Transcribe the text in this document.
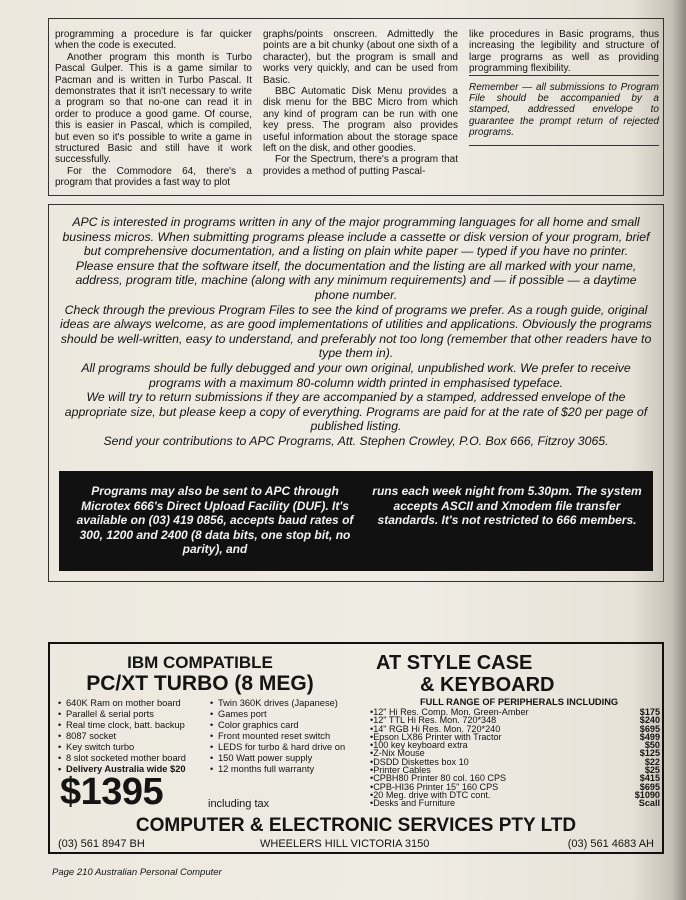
programming a procedure is far quicker when the code is executed.

Another program this month is Turbo Pascal Gulper. This is a game similar to Pacman and is written in Turbo Pascal. It demonstrates that it isn't necessary to write a program so that no-one can read it in order to produce a good game. Of course, this is easier in Pascal, which is compiled, but even so it's possible to write a game in structured Basic and still have it work successfully.

For the Commodore 64, there's a program that provides a fast way to plot

graphs/points onscreen. Admittedly the points are a bit chunky (about one sixth of a character), but the program is small and works very quickly, and can be used from Basic.

BBC Automatic Disk Menu provides a disk menu for the BBC Micro from which any kind of program can be run with one key press. The program also provides useful information about the storage space left on the disk, and other goodies.

For the Spectrum, there's a program that provides a method of putting Pascal-

like procedures in Basic programs, thus increasing the legibility and structure of large programs as well as providing programming flexibility.

Remember — all submissions to Program File should be accompanied by a stamped, addressed envelope to guarantee the prompt return of rejected programs.

APC is interested in programs written in any of the major programming languages for all home and small business micros. When submitting programs please include a cassette or disk version of your program, brief but comprehensive documentation, and a listing on plain white paper — typed if you have no printer.

Please ensure that the software itself, the documentation and the listing are all marked with your name, address, program title, machine (along with any minimum requirements) and — if possible — a daytime phone number.

Check through the previous Program Files to see the kind of programs we prefer. As a rough guide, original ideas are always welcome, as are good implementations of utilities and applications. Obviously the programs should be well-written, easy to understand, and preferably not too long (remember that other readers have to type them in).

All programs should be fully debugged and your own original, unpublished work. We prefer to receive programs with a maximum 80-column width printed in emphasised typeface.

We will try to return submissions if they are accompanied by a stamped, addressed envelope of the appropriate size, but please keep a copy of everything. Programs are paid for at the rate of $20 per page of published listing.

Send your contributions to APC Programs, Att. Stephen Crowley, P.O. Box 666, Fitzroy 3065.

Programs may also be sent to APC through Microtex 666's Direct Upload Facility (DUF). It's available on (03) 419 0856, accepts baud rates of 300, 1200 and 2400 (8 data bits, one stop bit, no parity), and
runs each week night from 5.30pm. The system accepts ASCII and Xmodem file transfer standards. It's not restricted to 666 members.
IBM COMPATIBLE
PC/XT TURBO (8 MEG)
• 640K Ram on mother board
• Parallel & serial ports
• Real time clock, batt. backup
• 8087 socket
• Key switch turbo
• 8 slot socketed mother board
• Delivery Australia wide $20
• Twin 360K drives (Japanese)
• Games port
• Color graphics card
• Front mounted reset switch
• LEDS for turbo & hard drive on
• 150 Watt power supply
• 12 months full warranty
$1395	including tax
AT STYLE CASE
& KEYBOARD
FULL RANGE OF PERIPHERALS INCLUDING
• 12" Hi Res. Comp. Mon. Green-Amber	$175
• 12" TTL Hi Res. Mon. 720*348	$240
• 14" RGB Hi Res. Mon. 720*240	$695
• Epson LX86 Printer with Tractor	$499
• 100 key keyboard extra	$50
• Z-Nix Mouse	$125
• DSDD Diskettes box 10	$22
• Printer Cables	$25
• CPBH80 Printer 80 col. 160 CPS	$415
• CPB-HI36 Printer 15" 160 CPS	$695
• 20 Meg. drive with DTC cont.	$1090
• Desks and Furniture	Scall
COMPUTER & ELECTRONIC SERVICES PTY LTD
(03) 561 8947 BH	WHEELERS HILL VICTORIA 3150	(03) 561 4683 AH
Page 210 Australian Personal Computer
